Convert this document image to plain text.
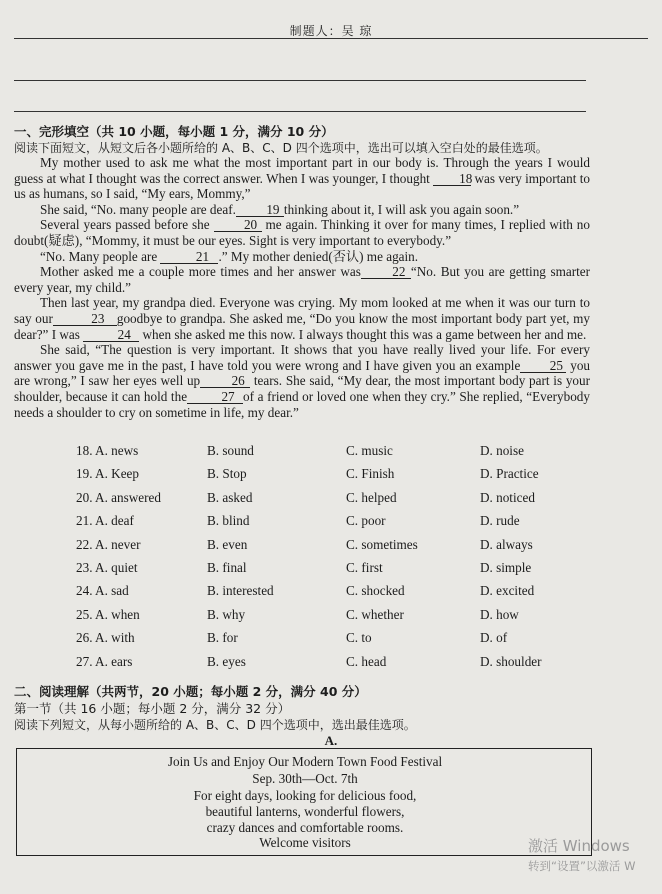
制题人：吴 琼
一、完形填空（共 10 小题，每小题 1 分，满分 10 分）
阅读下面短文，从短文后各小题所给的 A、B、C、D 四个选项中，选出可以填入空白处的最佳选项。

My mother used to ask me what the most important part in our body is. Through the years I would guess at what I thought was the correct answer. When I was younger, I thought 18 was very important to us as humans, so I said, “My ears, Mommy,”

She said, “No. many people are deaf. 19 thinking about it, I will ask you again soon.”

Several years passed before she	20 me again. Thinking it over for many times, I replied with no doubt(疑虑), “Mommy, it must be our eyes. Sight is very important to everybody.”

“No. Many people are	21 .” My mother denied(否认) me again.

Mother asked me a couple more times and her answer was 22 “No. But you are getting smarter every year, my child.”

Then last year, my grandpa died. Everyone was crying. My mom looked at me when it was our turn to say our	23 goodbye to grandpa. She asked me, “Do you know the most important body part yet, my dear?” I was	24 when she asked me this now. I always thought this was a game between her and me.

She said, “The question is very important. It shows that you have really lived your life. For every answer you gave me in the past, I have told you were wrong and I have given you an example 25 you are wrong,” I saw her eyes well up 26 tears. She said, “My dear, the most important body part is your shoulder, because it can hold the	27 of a friend or loved one when they cry.” She replied, “Everybody needs a shoulder to cry on sometime in life, my dear.”

18. A. news	B. sound	C. music	D. noise
19. A. Keep	B. Stop	C. Finish	D. Practice
20. A. answered	B. asked	C. helped	D. noticed
21. A. deaf	B. blind	C. poor	D. rude
22. A. never	B. even	C. sometimes	D. always
23. A. quiet	B. final	C. first	D. simple
24. A. sad	B. interested	C. shocked	D. excited
25. A. when	B. why	C. whether	D. how
26. A. with	B. for	C. to	D. of
27. A. ears	B. eyes	C. head	D. shoulder
二、阅读理解（共两节，20 小题；每小题 2 分，满分 40 分）
第一节（共 16 小题；每小题 2 分，满分 32 分）
阅读下列短文，从每小题所给的 A、B、C、D 四个选项中，选出最佳选项。
A.
Join Us and Enjoy Our Modern Town Food Festival
Sep. 30th—Oct. 7th
For eight days, looking for delicious food,
beautiful lanterns, wonderful flowers,
crazy dances and comfortable rooms.
Welcome visitors	激活 Windows
转到“设置”以激活 W
